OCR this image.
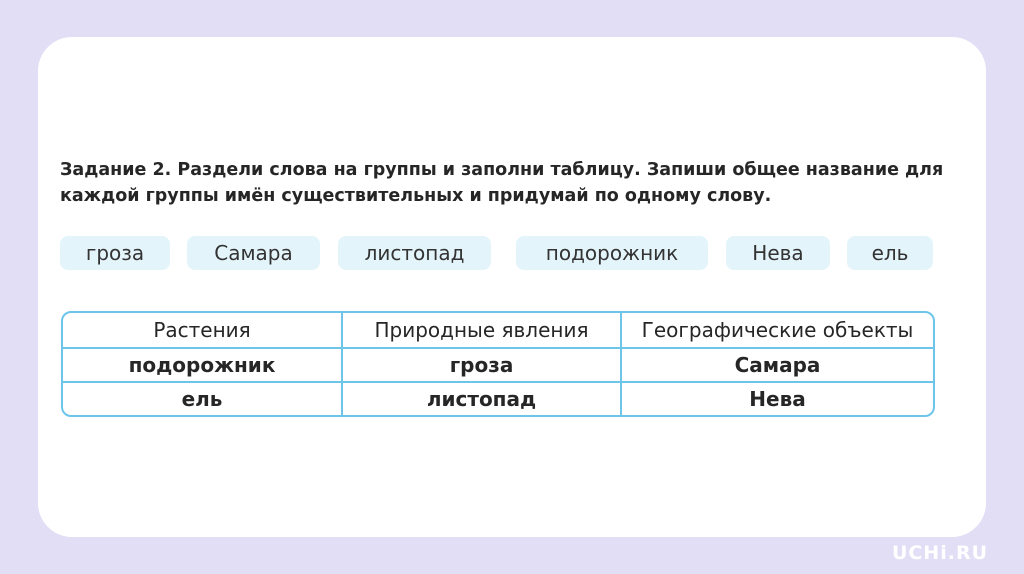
Задание 2. Раздели слова на группы и заполни таблицу. Запиши общее название для каждой группы имён существительных и придумай по одному слову.

гроза	Самара	листопад	подорожник	Нева	ель
Растения	Природные явления	Географические объекты
подорожник	гроза	Самара
ель	листопад	Нева
UCHi.RU
